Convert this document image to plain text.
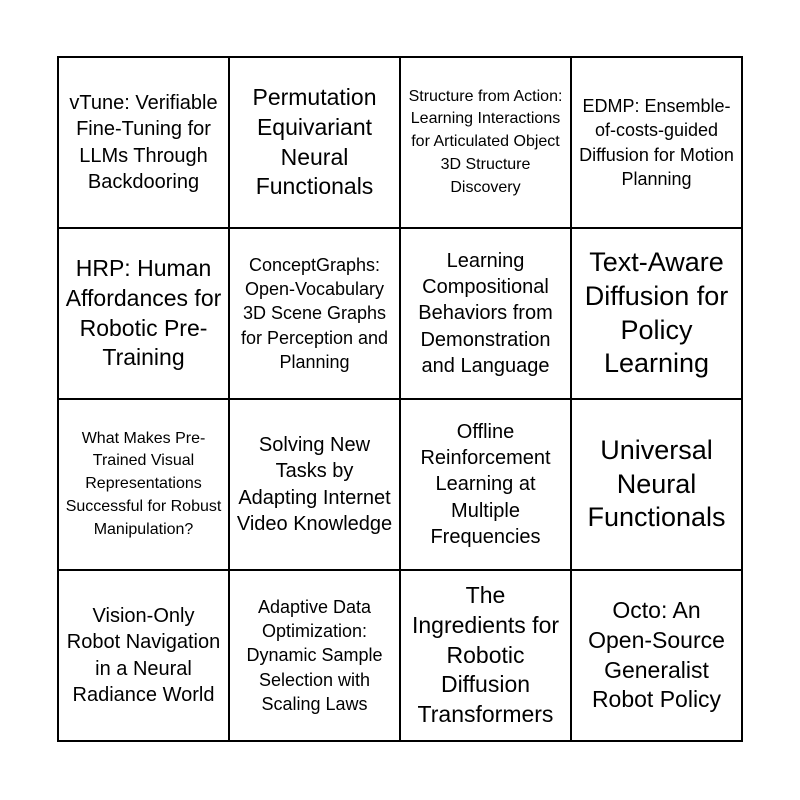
vTune: Verifiable Fine-Tuning for LLMs Through Backdooring
Permutation Equivariant Neural Functionals
Structure from Action: Learning Interactions for Articulated Object 3D Structure Discovery
EDMP: Ensemble-of-costs-guided Diffusion for Motion Planning
HRP: Human Affordances for Robotic Pre-Training
ConceptGraphs: Open-Vocabulary 3D Scene Graphs for Perception and Planning
Learning Compositional Behaviors from Demonstration and Language
Text-Aware Diffusion for Policy Learning
What Makes Pre-Trained Visual Representations Successful for Robust Manipulation?
Solving New Tasks by Adapting Internet Video Knowledge
Offline Reinforcement Learning at Multiple Frequencies
Universal Neural Functionals
Vision-Only Robot Navigation in a Neural Radiance World
Adaptive Data Optimization: Dynamic Sample Selection with Scaling Laws
The Ingredients for Robotic Diffusion Transformers
Octo: An Open-Source Generalist Robot Policy
